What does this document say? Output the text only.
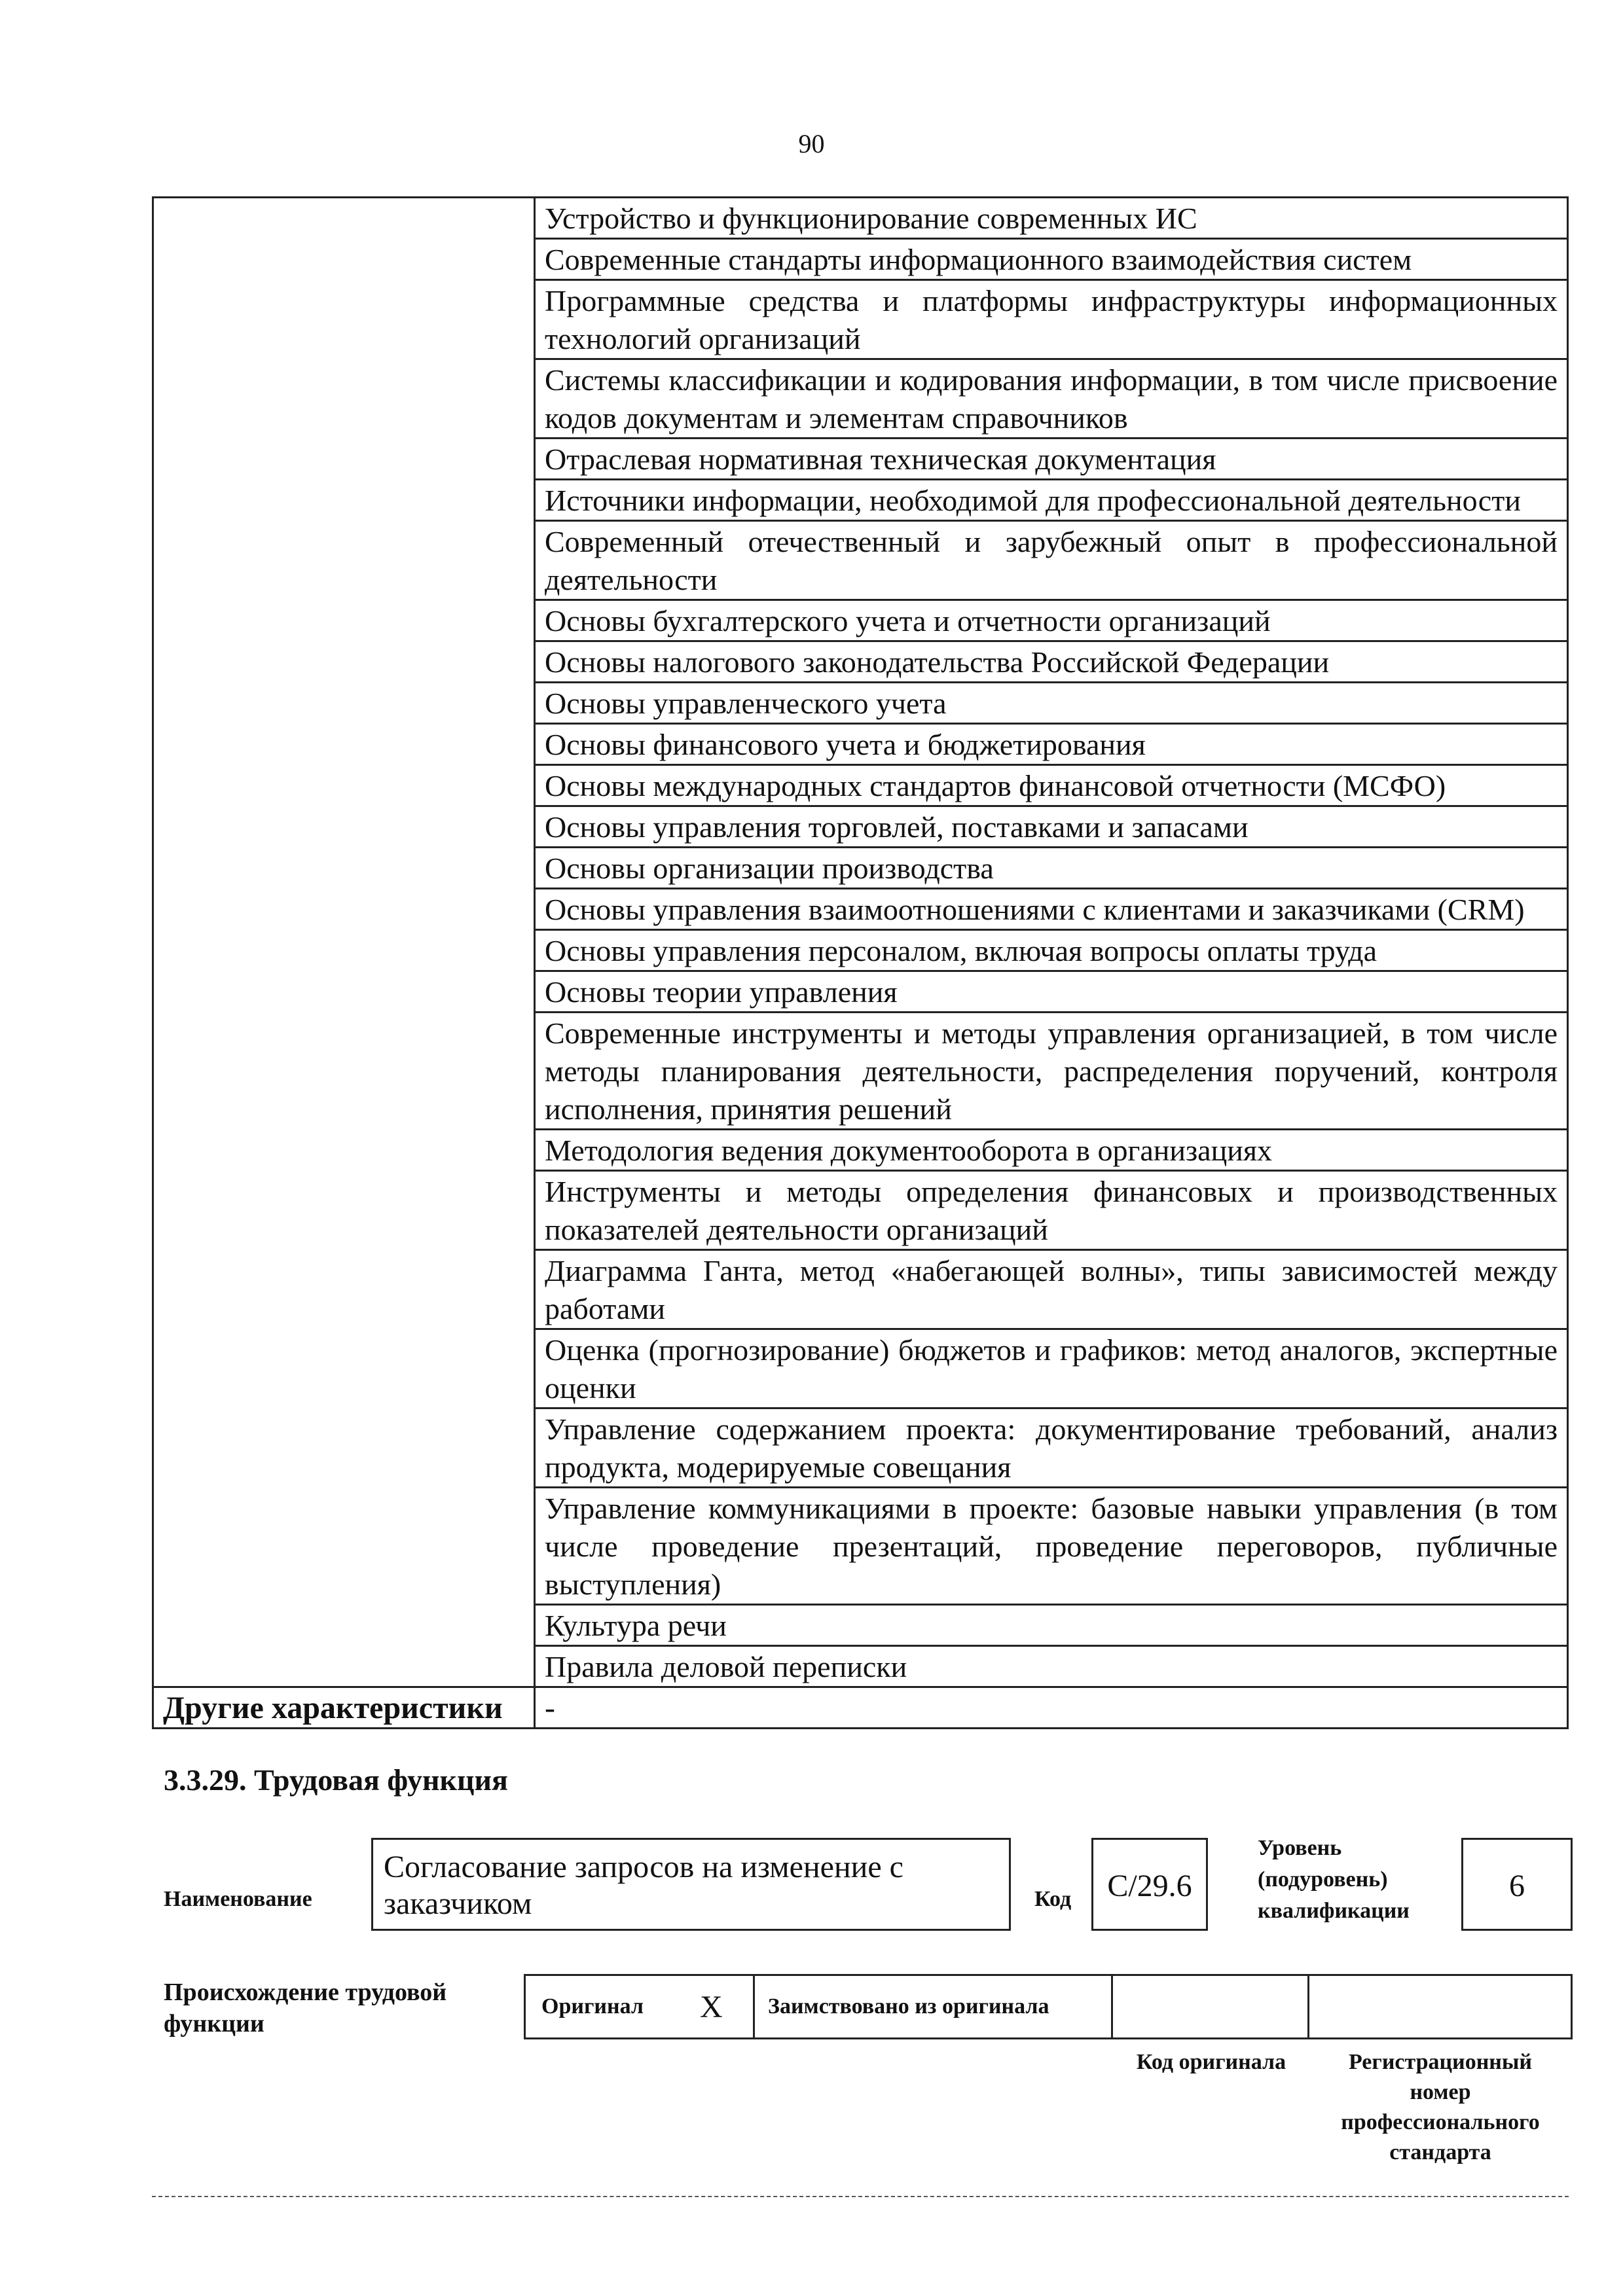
90
	Устройство и функционирование современных ИС
	Современные стандарты информационного взаимодействия систем
	Программные средства и платформы инфраструктуры информационных технологий организаций
	Системы классификации и кодирования информации, в том числе присвоение кодов документам и элементам справочников
	Отраслевая нормативная техническая документация
	Источники информации, необходимой для профессиональной деятельности
	Современный отечественный и зарубежный опыт в профессиональной деятельности
	Основы бухгалтерского учета и отчетности организаций
	Основы налогового законодательства Российской Федерации
	Основы управленческого учета
	Основы финансового учета и бюджетирования
	Основы международных стандартов финансовой отчетности (МСФО)
	Основы управления торговлей, поставками и запасами
	Основы организации производства
	Основы управления взаимоотношениями с клиентами и заказчиками (CRM)
	Основы управления персоналом, включая вопросы оплаты труда
	Основы теории управления
	Современные инструменты и методы управления организацией, в том числе методы планирования деятельности, распределения поручений, контроля исполнения, принятия решений
	Методология ведения документооборота в организациях
	Инструменты и методы определения финансовых и производственных показателей деятельности организаций
	Диаграмма Ганта, метод «набегающей волны», типы зависимостей между работами
	Оценка (прогнозирование) бюджетов и графиков: метод аналогов, экспертные оценки
	Управление содержанием проекта: документирование требований, анализ продукта, модерируемые совещания
	Управление коммуникациями в проекте: базовые навыки управления (в том числе проведение презентаций, проведение переговоров, публичные выступления)
	Культура речи
	Правила деловой переписки
Другие характеристики	-
3.3.29. Трудовая функция
Наименование
Согласование запросов на изменение с заказчиком	Код	C/29.6
Уровень (подуровень) квалификации
6
Происхождение трудовой функции
Оригинал X Заимствовано из оригинала
Код оригинала	Регистрационный номер профессионального стандарта
